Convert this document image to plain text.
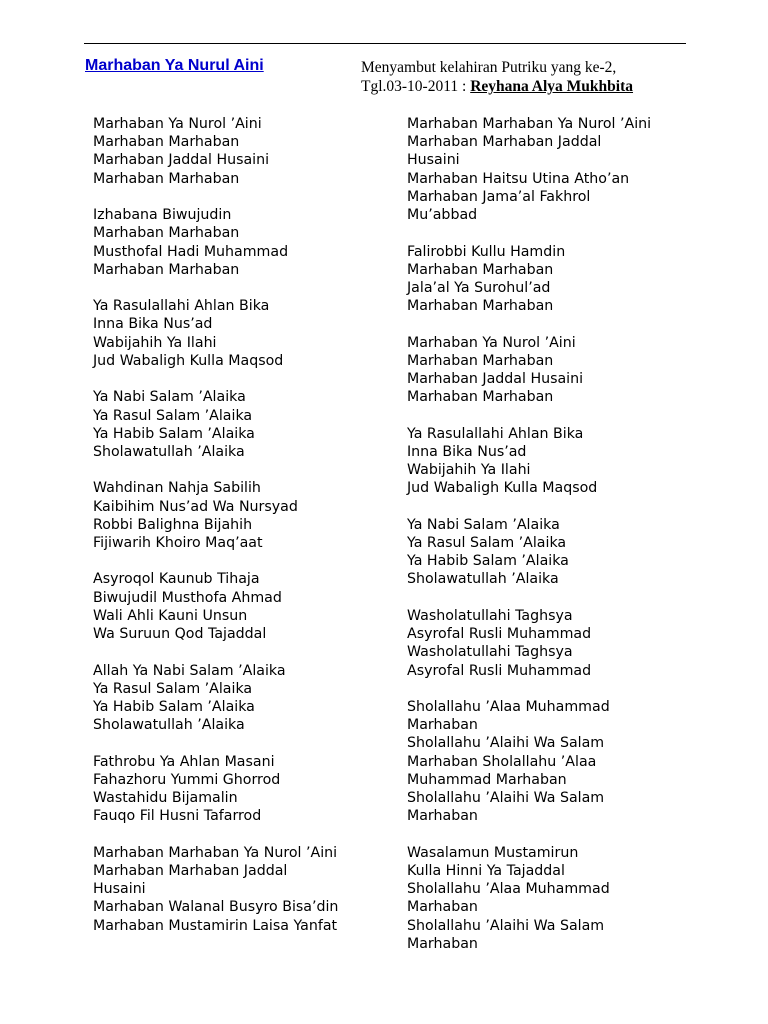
Marhaban Ya Nurul Aini	Menyambut kelahiran Putriku yang ke-2,
Tgl.03-10-2011 : Reyhana Alya Mukhbita
Marhaban Ya Nurol ’Aini
Marhaban Marhaban
Marhaban Jaddal Husaini
Marhaban Marhaban
Izhabana Biwujudin
Marhaban Marhaban
Musthofal Hadi Muhammad
Marhaban Marhaban
Ya Rasulallahi Ahlan Bika
Inna Bika Nus’ad
Wabijahih Ya Ilahi
Jud Wabaligh Kulla Maqsod
Ya Nabi Salam ’Alaika
Ya Rasul Salam ’Alaika
Ya Habib Salam ’Alaika
Sholawatullah ’Alaika
Wahdinan Nahja Sabilih
Kaibihim Nus’ad Wa Nursyad
Robbi Balighna Bijahih
Fijiwarih Khoiro Maq’aat
Asyroqol Kaunub Tihaja
Biwujudil Musthofa Ahmad
Wali Ahli Kauni Unsun
Wa Suruun Qod Tajaddal
Allah Ya Nabi Salam ’Alaika
Ya Rasul Salam ’Alaika
Ya Habib Salam ’Alaika
Sholawatullah ’Alaika
Fathrobu Ya Ahlan Masani
Fahazhoru Yummi Ghorrod
Wastahidu Bijamalin
Fauqo Fil Husni Tafarrod
Marhaban Marhaban Ya Nurol ’Aini
Marhaban Marhaban Jaddal
Husaini
Marhaban Walanal Busyro Bisa’din
Marhaban Mustamirin Laisa Yanfat
Marhaban Marhaban Ya Nurol ’Aini
Marhaban Marhaban Jaddal
Husaini
Marhaban Haitsu Utina Atho’an
Marhaban Jama’al Fakhrol
Mu’abbad
Falirobbi Kullu Hamdin
Marhaban Marhaban
Jala’al Ya Surohul’ad
Marhaban Marhaban
Marhaban Ya Nurol ’Aini
Marhaban Marhaban
Marhaban Jaddal Husaini
Marhaban Marhaban
Ya Rasulallahi Ahlan Bika
Inna Bika Nus’ad
Wabijahih Ya Ilahi
Jud Wabaligh Kulla Maqsod
Ya Nabi Salam ’Alaika
Ya Rasul Salam ’Alaika
Ya Habib Salam ’Alaika
Sholawatullah ’Alaika
Washolatullahi Taghsya
Asyrofal Rusli Muhammad
Washolatullahi Taghsya
Asyrofal Rusli Muhammad
Sholallahu ’Alaa Muhammad
Marhaban
Sholallahu ’Alaihi Wa Salam
Marhaban Sholallahu ’Alaa
Muhammad Marhaban
Sholallahu ’Alaihi Wa Salam
Marhaban
Wasalamun Mustamirun
Kulla Hinni Ya Tajaddal
Sholallahu ’Alaa Muhammad
Marhaban
Sholallahu ’Alaihi Wa Salam
Marhaban
